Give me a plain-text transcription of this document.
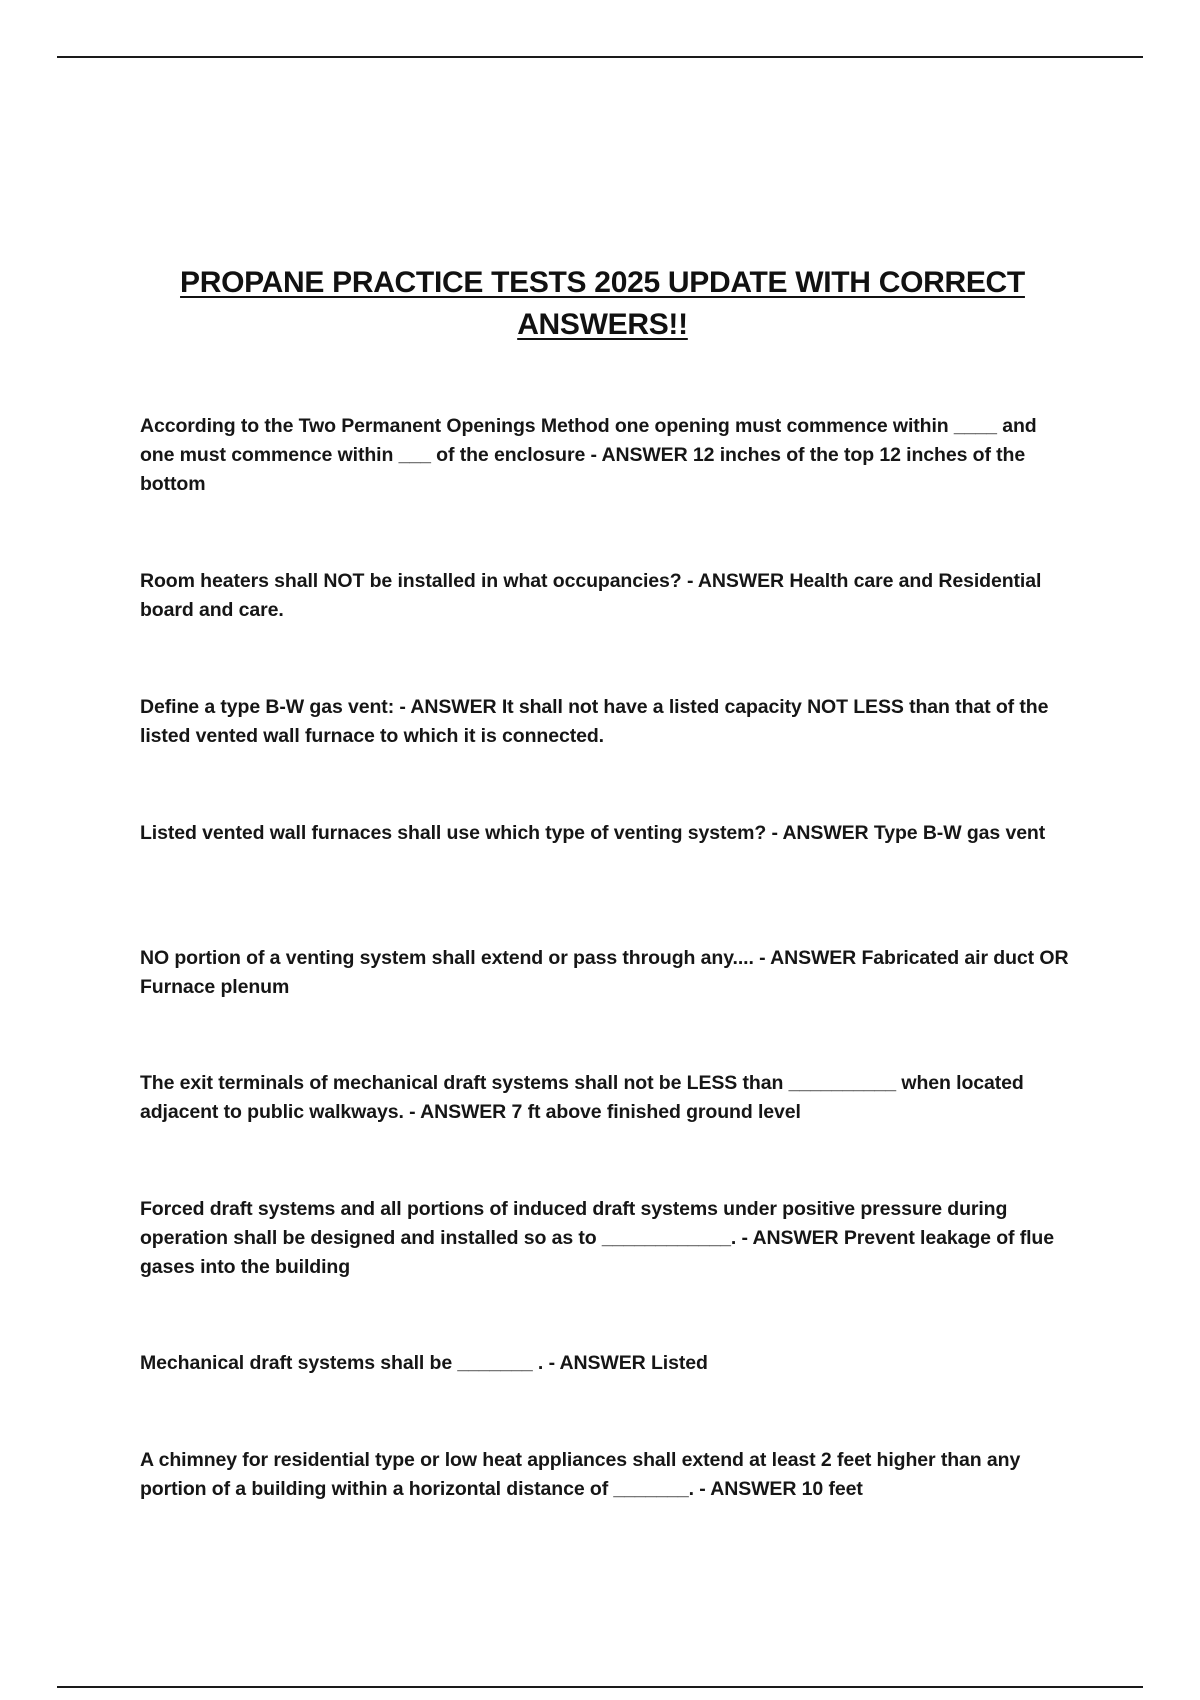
PROPANE PRACTICE TESTS 2025 UPDATE WITH CORRECT ANSWERS!!
According to the Two Permanent Openings Method one opening must commence within ____ and one must commence within ___ of the enclosure - ANSWER 12 inches of the top 12 inches of the bottom
Room heaters shall NOT be installed in what occupancies? - ANSWER Health care and Residential board and care.
Define a type B-W gas vent: - ANSWER It shall not have a listed capacity NOT LESS than that of the listed vented wall furnace to which it is connected.
Listed vented wall furnaces shall use which type of venting system? - ANSWER Type B-W gas vent
NO portion of a venting system shall extend or pass through any.... - ANSWER Fabricated air duct OR Furnace plenum
The exit terminals of mechanical draft systems shall not be LESS than __________ when located adjacent to public walkways. - ANSWER 7 ft above finished ground level
Forced draft systems and all portions of induced draft systems under positive pressure during operation shall be designed and installed so as to ____________. - ANSWER Prevent leakage of flue gases into the building
Mechanical draft systems shall be _______ . - ANSWER Listed
A chimney for residential type or low heat appliances shall extend at least 2 feet higher than any portion of a building within a horizontal distance of _______. - ANSWER 10 feet
